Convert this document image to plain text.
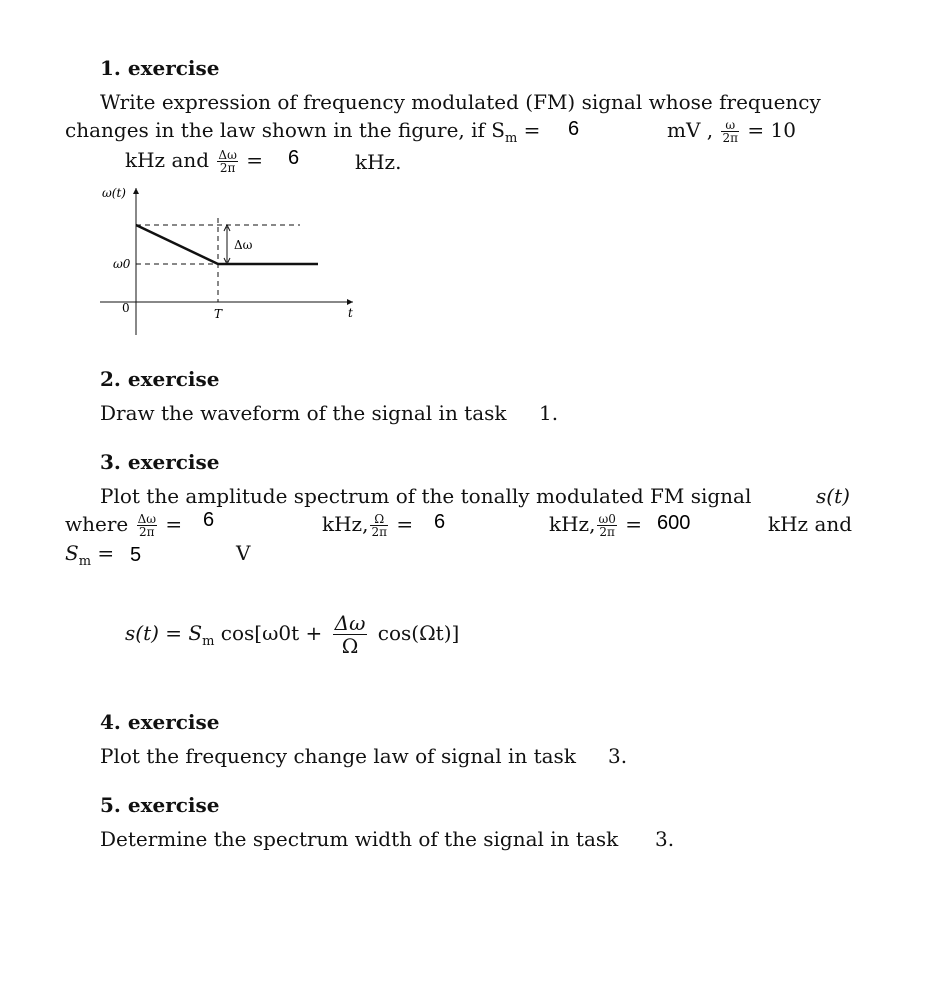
1. exercise
Write expression of frequency modulated (FM) signal whose frequency
changes in the law shown in the figure, if $S_m = 6$	mV , $\frac{\omega}{2\pi} = 10$
kHz and $\frac{\Delta\omega}{2\pi} = 6$	kHz.
ω(t)
ω0
0	T	t
Δω
2. exercise
Draw the waveform of the signal in task 1.
3. exercise
Plot the amplitude spectrum of the tonally modulated FM signal	s(t)
where $\frac{\Delta\omega}{2\pi} = 6$	kHz, $\frac{\Omega}{2\pi} = 6$	kHz, $\frac{\omega 0}{2\pi} = 600$	kHz and
$S_m = 5$	V
$s(t) = S_m$ $\cos[\omega 0t + \frac{\Delta\omega}{\Omega} \cos(\Omega t)]$
4. exercise
Plot the frequency change law of signal in task 3.
5. exercise
Determine the spectrum width of the signal in task 3.
